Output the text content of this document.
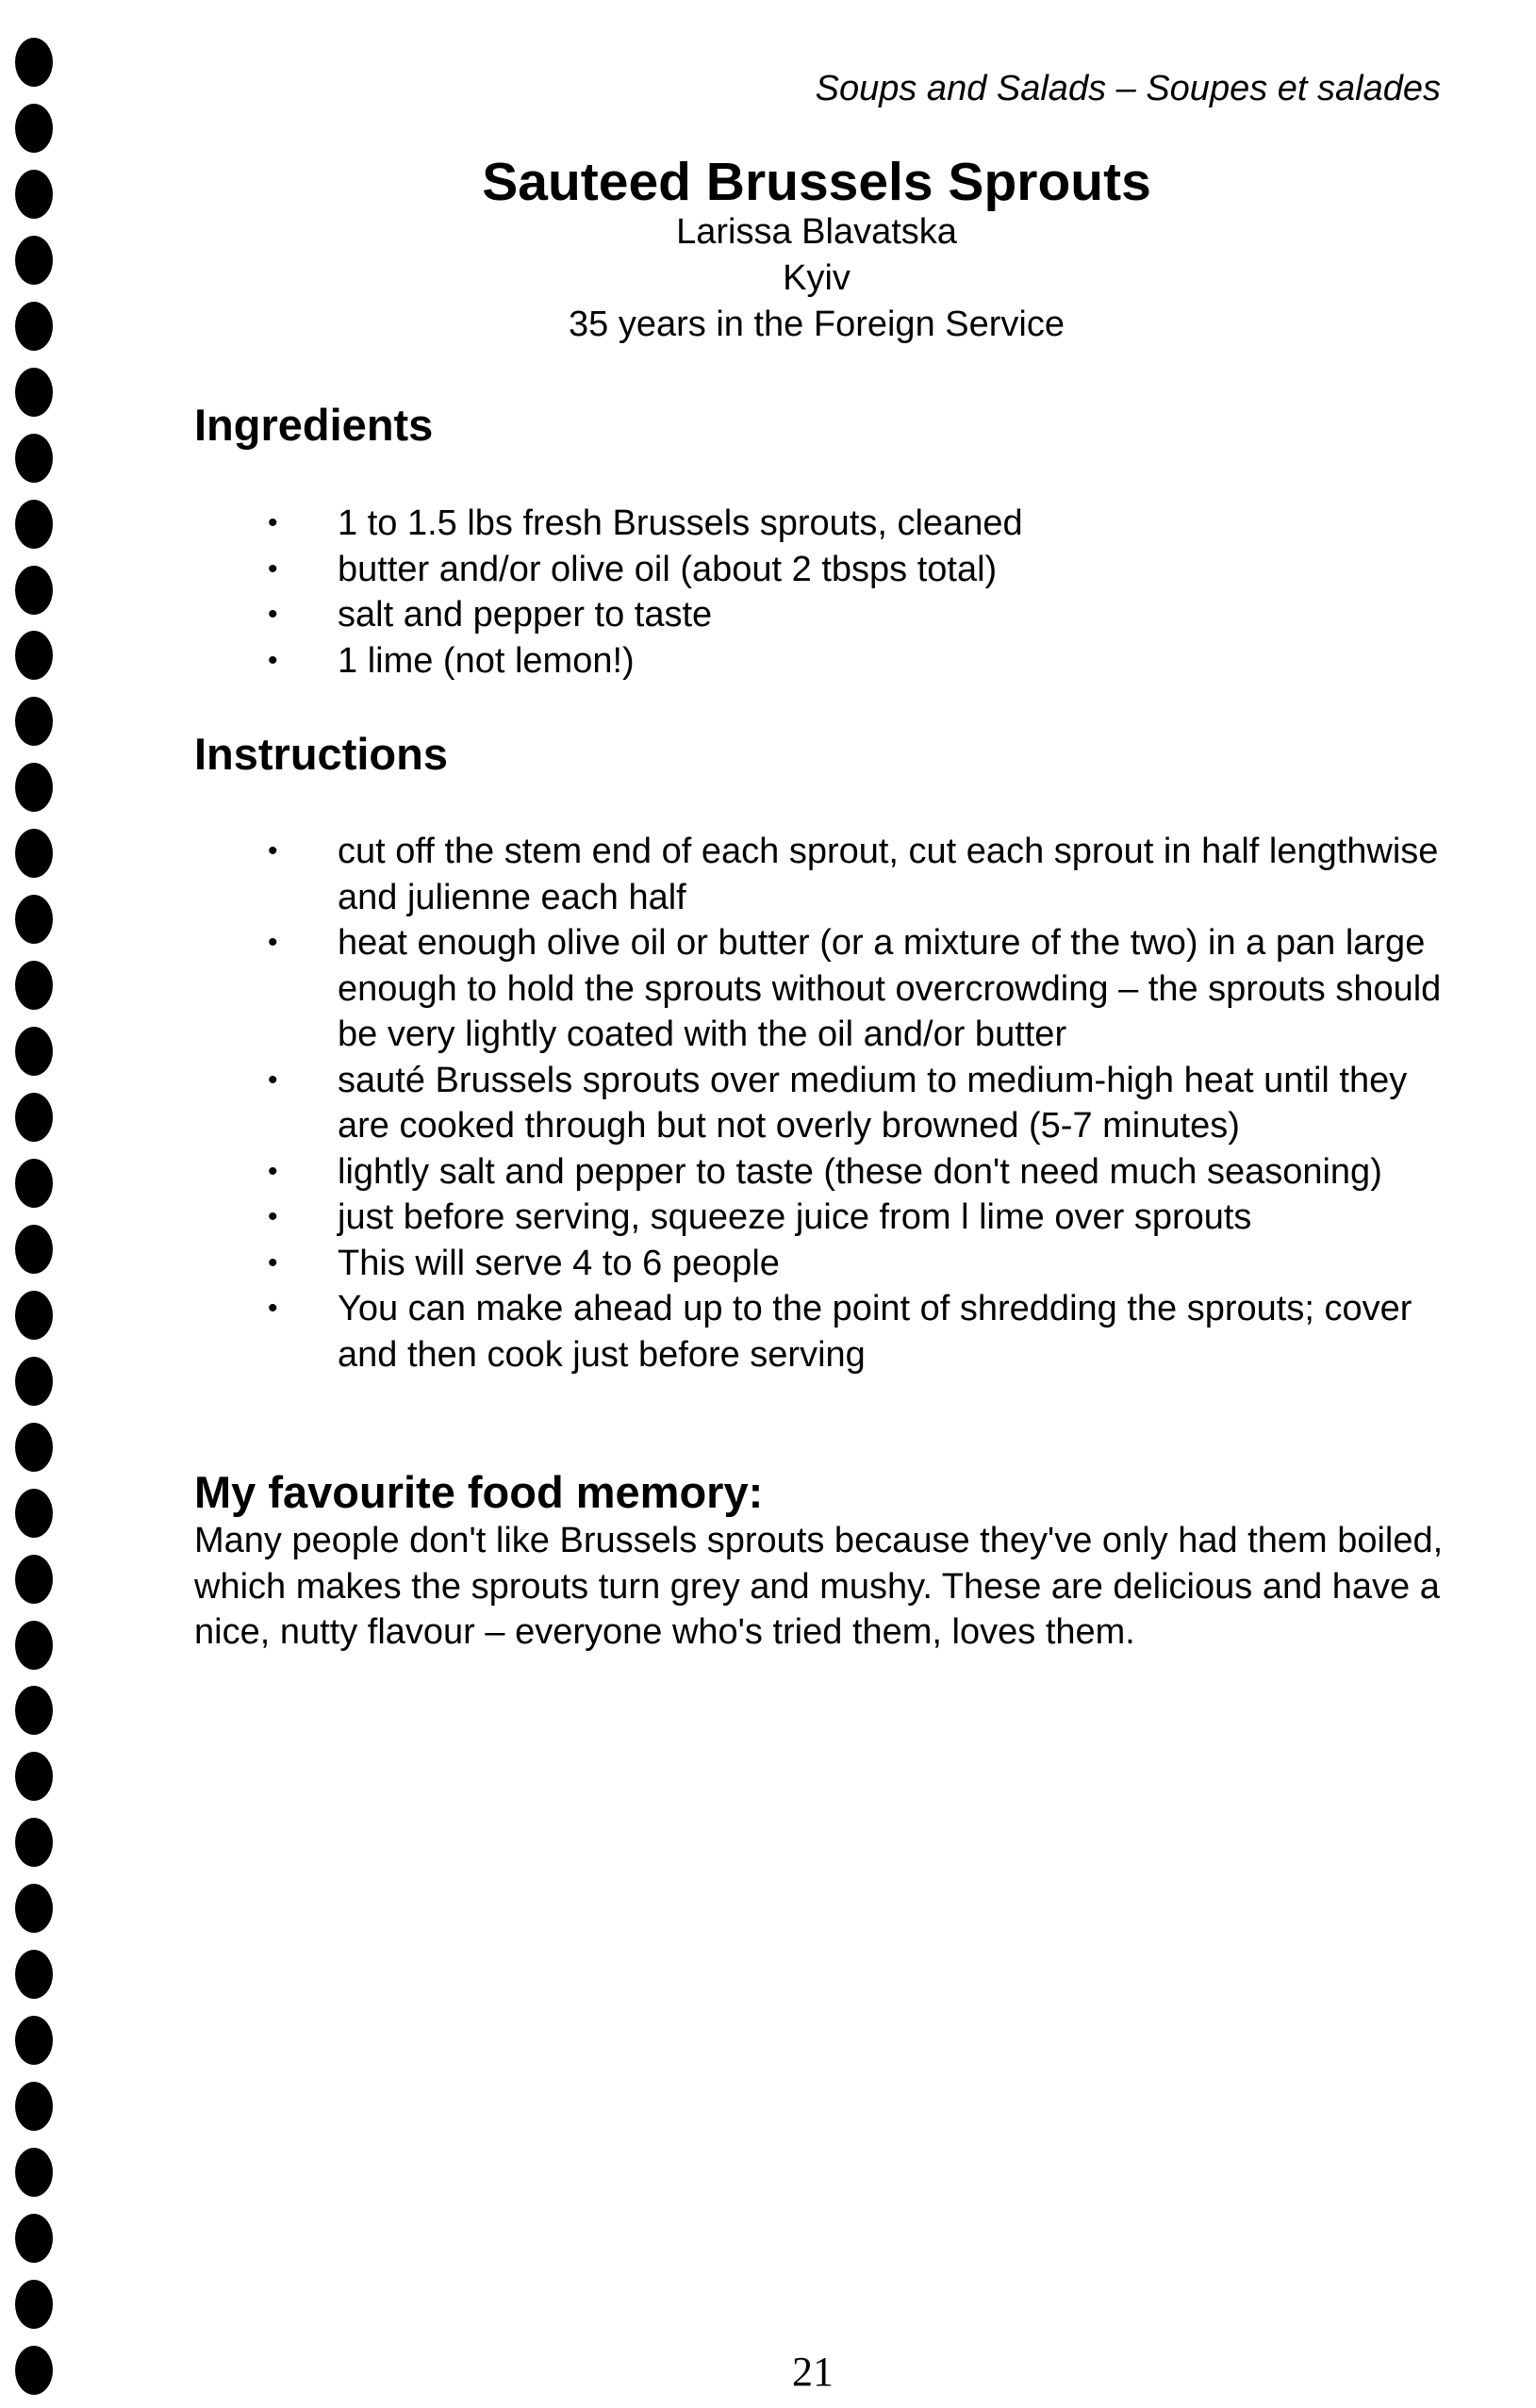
Soups and Salads – Soupes et salades
Sauteed Brussels Sprouts
Larissa Blavatska
Kyiv
35 years in the Foreign Service
Ingredients
• 1 to 1.5 lbs fresh Brussels sprouts, cleaned
• butter and/or olive oil (about 2 tbsps total)
• salt and pepper to taste
• 1 lime (not lemon!)
Instructions
• cut off the stem end of each sprout, cut each sprout in half lengthwise and julienne each half
• heat enough olive oil or butter (or a mixture of the two) in a pan large enough to hold the sprouts without overcrowding – the sprouts should be very lightly coated with the oil and/or butter
• sauté Brussels sprouts over medium to medium-high heat until they are cooked through but not overly browned (5-7 minutes)
• lightly salt and pepper to taste (these don't need much seasoning)
• just before serving, squeeze juice from l lime over sprouts
• This will serve 4 to 6 people
• You can make ahead up to the point of shredding the sprouts; cover and then cook just before serving
My favourite food memory:
Many people don't like Brussels sprouts because they've only had them boiled, which makes the sprouts turn grey and mushy. These are delicious and have a nice, nutty flavour – everyone who's tried them, loves them.
21
